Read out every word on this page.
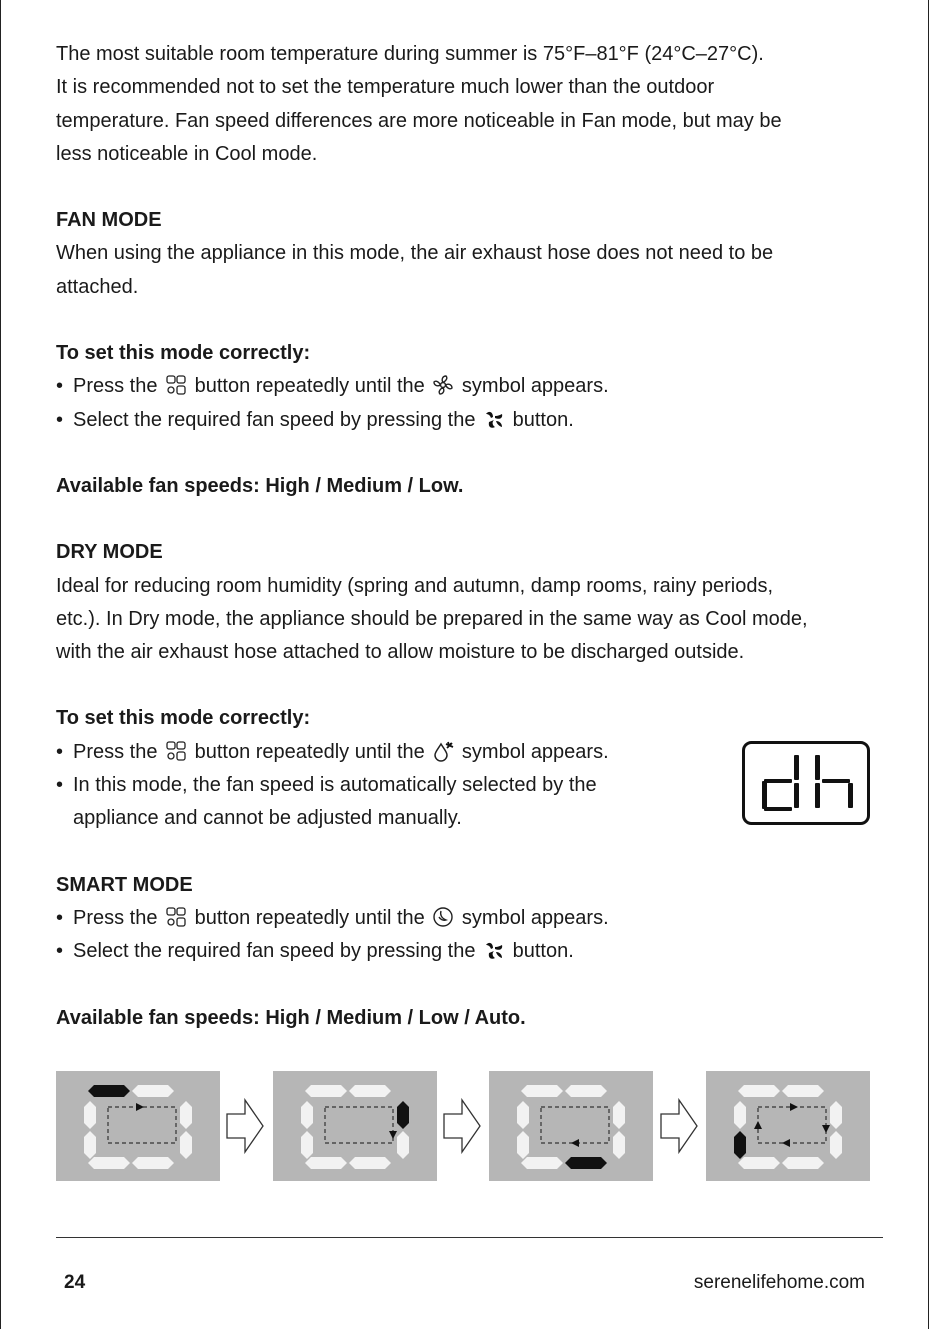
The most suitable room temperature during summer is 75°F–81°F (24°C–27°C).

It is recommended not to set the temperature much lower than the outdoor

temperature. Fan speed differences are more noticeable in Fan mode, but may be

less noticeable in Cool mode.

FAN MODE

When using the appliance in this mode, the air exhaust hose does not need to be

attached.

To set this mode correctly:

• Press the button repeatedly until the symbol appears.

• Select the required fan speed by pressing the
button.

Available fan speeds: High / Medium / Low.

DRY MODE

Ideal for reducing room humidity (spring and autumn, damp rooms, rainy periods,

etc.). In Dry mode, the appliance should be prepared in the same way as Cool mode,

with the air exhaust hose attached to allow moisture to be discharged outside.

To set this mode correctly:

• Press the button repeatedly until the symbol appears.

• In this mode, the fan speed is automatically selected by the
appliance and cannot be adjusted manually.

SMART MODE

• Press the button repeatedly until the symbol appears.

• Select the required fan speed by pressing the button.

Available fan speeds: High / Medium / Low / Auto.

dh
24	serenelifehome.com
